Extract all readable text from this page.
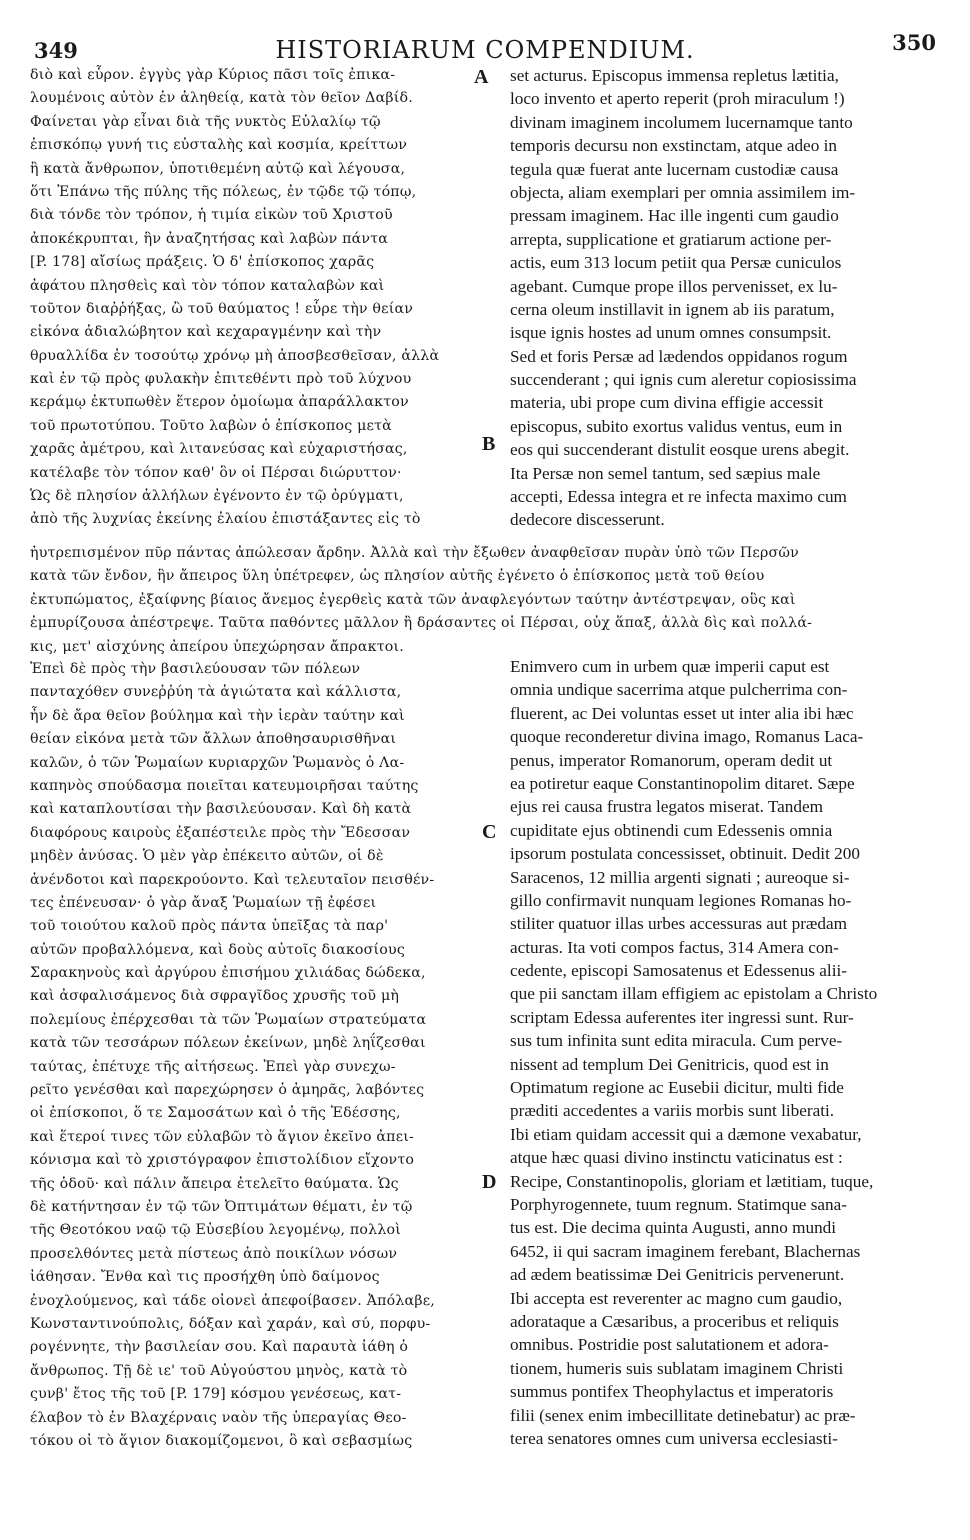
349	HISTORIARUM COMPENDIUM.	350
διὸ καὶ εὗρον. ἐγγὺς γὰρ Κύριος πᾶσι τοῖς ἐπικα-
λουμένοις αὐτὸν ἐν ἀληθείᾳ, κατὰ τὸν θεῖον Δαβίδ.
Φαίνεται γὰρ εἶναι διὰ τῆς νυκτὸς Εὐλαλίῳ τῷ
ἐπισκόπῳ γυνή τις εὐσταλὴς καὶ κοσμία, κρείττων
ἢ κατὰ ἄνθρωπον, ὑποτιθεμένη αὐτῷ καὶ λέγουσα,
ὅτι Ἐπάνω τῆς πύλης τῆς πόλεως, ἐν τῷδε τῷ τόπῳ,
διὰ τόνδε τὸν τρόπον, ἡ τιμία εἰκὼν τοῦ Χριστοῦ
ἀποκέκρυπται, ἣν ἀναζητήσας καὶ λαβὼν πάντα
[P. 178] αἴσίως πράξεις. Ὁ δ' ἐπίσκοπος χαρᾶς
ἀφάτου πλησθεὶς καὶ τὸν τόπον καταλαβὼν καὶ
τοῦτον διαῤῥήξας, ὢ τοῦ θαύματος ! εὗρε τὴν θείαν
εἰκόνα ἀδιαλώβητον καὶ κεχαραγμένην καὶ τὴν
θρυαλλίδα ἐν τοσούτῳ χρόνῳ μὴ ἀποσβεσθεῖσαν, ἀλλὰ
καὶ ἐν τῷ πρὸς φυλακὴν ἐπιτεθέντι πρὸ τοῦ λύχνου
κεράμῳ ἐκτυπωθὲν ἕτερον ὁμοίωμα ἀπαράλλακτον
τοῦ πρωτοτύπου. Τοῦτο λαβὼν ὁ ἐπίσκοπος μετὰ
χαρᾶς ἀμέτρου, καὶ λιτανεύσας καὶ εὐχαριστήσας,
κατέλαβε τὸν τόπον καθ' ὃν οἱ Πέρσαι διώρυττον·
Ὡς δὲ πλησίον ἀλλήλων ἐγένοντο ἐν τῷ ὀρύγματι,
ἀπὸ τῆς λυχνίας ἐκείνης ἐλαίου ἐπιστάξαντες εἰς τὸ
set acturus. Episcopus immensa repletus lætitia,
loco invento et aperto reperit (proh miraculum !)
divinam imaginem incolumem lucernamque tanto
temporis decursu non exstinctam, atque adeo in
tegula quæ fuerat ante lucernam custodiæ causa
objecta, aliam exemplari per omnia assimilem im-
pressam imaginem. Hac ille ingenti cum gaudio
arrepta, supplicatione et gratiarum actione per-
actis, eum 313 locum petiit qua Persæ cuniculos
agebant. Cumque prope illos pervenisset, ex lu-
cerna oleum instillavit in ignem ab iis paratum,
isque ignis hostes ad unum omnes consumpsit.
Sed et foris Persæ ad lædendos oppidanos rogum
succenderant ; qui ignis cum aleretur copiosissima
materia, ubi prope cum divina effigie accessit
episcopus, subito exortus validus ventus, eum in
eos qui succenderant distulit eosque urens abegit.
Ita Persæ non semel tantum, sed sæpius male
accepti, Edessa integra et re infecta maximo cum
dedecore discesserunt.
ἠυτρεπισμένον πῦρ πάντας ἀπώλεσαν ἄρδην. Ἀλλὰ καὶ τὴν ἔξωθεν ἀναφθεῖσαν πυρὰν ὑπὸ τῶν Περσῶν
κατὰ τῶν ἔνδον, ἣν ἄπειρος ὕλη ὑπέτρεφεν, ὡς πλησίον αὐτῆς ἐγένετο ὁ ἐπίσκοπος μετὰ τοῦ θείου
ἐκτυπώματος, ἐξαίφνης βίαιος ἄνεμος ἐγερθεὶς κατὰ τῶν ἀναφλεγόντων ταύτην ἀντέστρεψαν, οὓς καὶ
ἐμπυρίζουσα ἀπέστρεψε. Ταῦτα παθόντες μᾶλλον ἢ δράσαντες οἱ Πέρσαι, οὐχ ἅπαξ, ἀλλὰ δὶς καὶ πολλά-
κις, μετ' αἰσχύνης ἀπείρου ὑπεχώρησαν ἄπρακτοι.
Ἐπεὶ δὲ πρὸς τὴν βασιλεύουσαν τῶν πόλεων
πανταχόθεν συνεῤῥύη τὰ ἁγιώτατα καὶ κάλλιστα,
ἦν δὲ ἄρα θεῖον βούλημα καὶ τὴν ἱερὰν ταύτην καὶ
θείαν εἰκόνα μετὰ τῶν ἄλλων ἀποθησαυρισθῆναι
καλῶν, ὁ τῶν Ῥωμαίων κυριαρχῶν Ῥωμανὸς ὁ Λα-
καπηνὸς σπούδασμα ποιεῖται κατευμοιρῆσαι ταύτης
καὶ καταπλουτίσαι τὴν βασιλεύουσαν. Καὶ δὴ κατὰ
διαφόρους καιροὺς ἐξαπέστειλε πρὸς τὴν Ἔδεσσαν
μηδὲν ἀνύσας. Ὁ μὲν γὰρ ἐπέκειτο αὐτῶν, οἱ δὲ
ἀνένδοτοι καὶ παρεκρούοντο. Καὶ τελευταῖον πεισθέν-
τες ἐπένευσαν· ὁ γὰρ ἄναξ Ῥωμαίων τῇ ἐφέσει
τοῦ τοιούτου καλοῦ πρὸς πάντα ὑπεῖξας τὰ παρ'
αὐτῶν προβαλλόμενα, καὶ δοὺς αὐτοῖς διακοσίους
Σαρακηνοὺς καὶ ἀργύρου ἐπισήμου χιλιάδας δώδεκα,
καὶ ἀσφαλισάμενος διὰ σφραγῖδος χρυσῆς τοῦ μὴ
πολεμίους ἐπέρχεσθαι τὰ τῶν Ῥωμαίων στρατεύματα
κατὰ τῶν τεσσάρων πόλεων ἐκείνων, μηδὲ ληΐζεσθαι
ταύτας, ἐπέτυχε τῆς αἰτήσεως. Ἐπεὶ γὰρ συνεχω-
ρεῖτο γενέσθαι καὶ παρεχώρησεν ὁ ἀμηρᾶς, λαβόντες
οἱ ἐπίσκοποι, ὅ τε Σαμοσάτων καὶ ὁ τῆς Ἐδέσσης,
καὶ ἕτεροί τινες τῶν εὐλαβῶν τὸ ἅγιον ἐκεῖνο ἀπει-
κόνισμα καὶ τὸ χριστόγραφον ἐπιστολίδιον εἴχοντο
τῆς ὁδοῦ· καὶ πάλιν ἄπειρα ἐτελεῖτο θαύματα. Ὡς
δὲ κατήντησαν ἐν τῷ τῶν Ὀπτιμάτων θέματι, ἐν τῷ
τῆς Θεοτόκου ναῷ τῷ Εὐσεβίου λεγομένῳ, πολλοὶ
προσελθόντες μετὰ πίστεως ἀπὸ ποικίλων νόσων
ἰάθησαν. Ἔνθα καὶ τις προσήχθη ὑπὸ δαίμονος
ἐνοχλούμενος, καὶ τάδε οἱονεὶ ἀπεφοίβασεν. Ἀπόλαβε,
Κωνσταντινούπολις, δόξαν καὶ χαράν, καὶ σύ, πορφυ-
ρογέννητε, τὴν βασιλείαν σου. Καὶ παραυτὰ ἰάθη ὁ
ἄνθρωπος. Τῇ δὲ ιε' τοῦ Αὐγούστου μηνὸς, κατὰ τὸ
ςυνβ' ἔτος τῆς τοῦ [P. 179] κόσμου γενέσεως, κατ-
έλαβον τὸ ἐν Βλαχέρναις ναὸν τῆς ὑπεραγίας Θεο-
τόκου οἱ τὸ ἅγιον διακομίζομενοι, ὃ καὶ σεβασμίως
Enimvero cum in urbem quæ imperii caput est
omnia undique sacerrima atque pulcherrima con-
fluerent, ac Dei voluntas esset ut inter alia ibi hæc
quoque reconderetur divina imago, Romanus Laca-
penus, imperator Romanorum, operam dedit ut
ea potiretur eaque Constantinopolim ditaret. Sæpe
ejus rei causa frustra legatos miserat. Tandem
cupiditate ejus obtinendi cum Edessenis omnia
ipsorum postulata concessisset, obtinuit. Dedit 200
Saracenos, 12 millia argenti signati ; aureoque si-
gillo confirmavit nunquam legiones Romanas ho-
stiliter quatuor illas urbes accessuras aut prædam
acturas. Ita voti compos factus, 314 Amera con-
cedente, episcopi Samosatenus et Edessenus alii-
que pii sanctam illam effigiem ac epistolam a Christo
scriptam Edessa auferentes iter ingressi sunt. Rur-
sus tum infinita sunt edita miracula. Cum perve-
nissent ad templum Dei Genitricis, quod est in
Optimatum regione ac Eusebii dicitur, multi fide
præditi accedentes a variis morbis sunt liberati.
Ibi etiam quidam accessit qui a dæmone vexabatur,
atque hæc quasi divino instinctu vaticinatus est :
Recipe, Constantinopolis, gloriam et lætitiam, tuque,
Porphyrogennete, tuum regnum. Statimque sana-
tus est. Die decima quinta Augusti, anno mundi
6452, ii qui sacram imaginem ferebant, Blachernas
ad ædem beatissimæ Dei Genitricis pervenerunt.
Ibi accepta est reverenter ac magno cum gaudio,
adorataque a Cæsaribus, a proceribus et reliquis
omnibus. Postridie post salutationem et adora-
tionem, humeris suis sublatam imaginem Christi
summus pontifex Theophylactus et imperatoris
filii (senex enim imbecillitate detinebatur) ac præ-
terea senatores omnes cum universa ecclesiasti-
A
B
C
D
